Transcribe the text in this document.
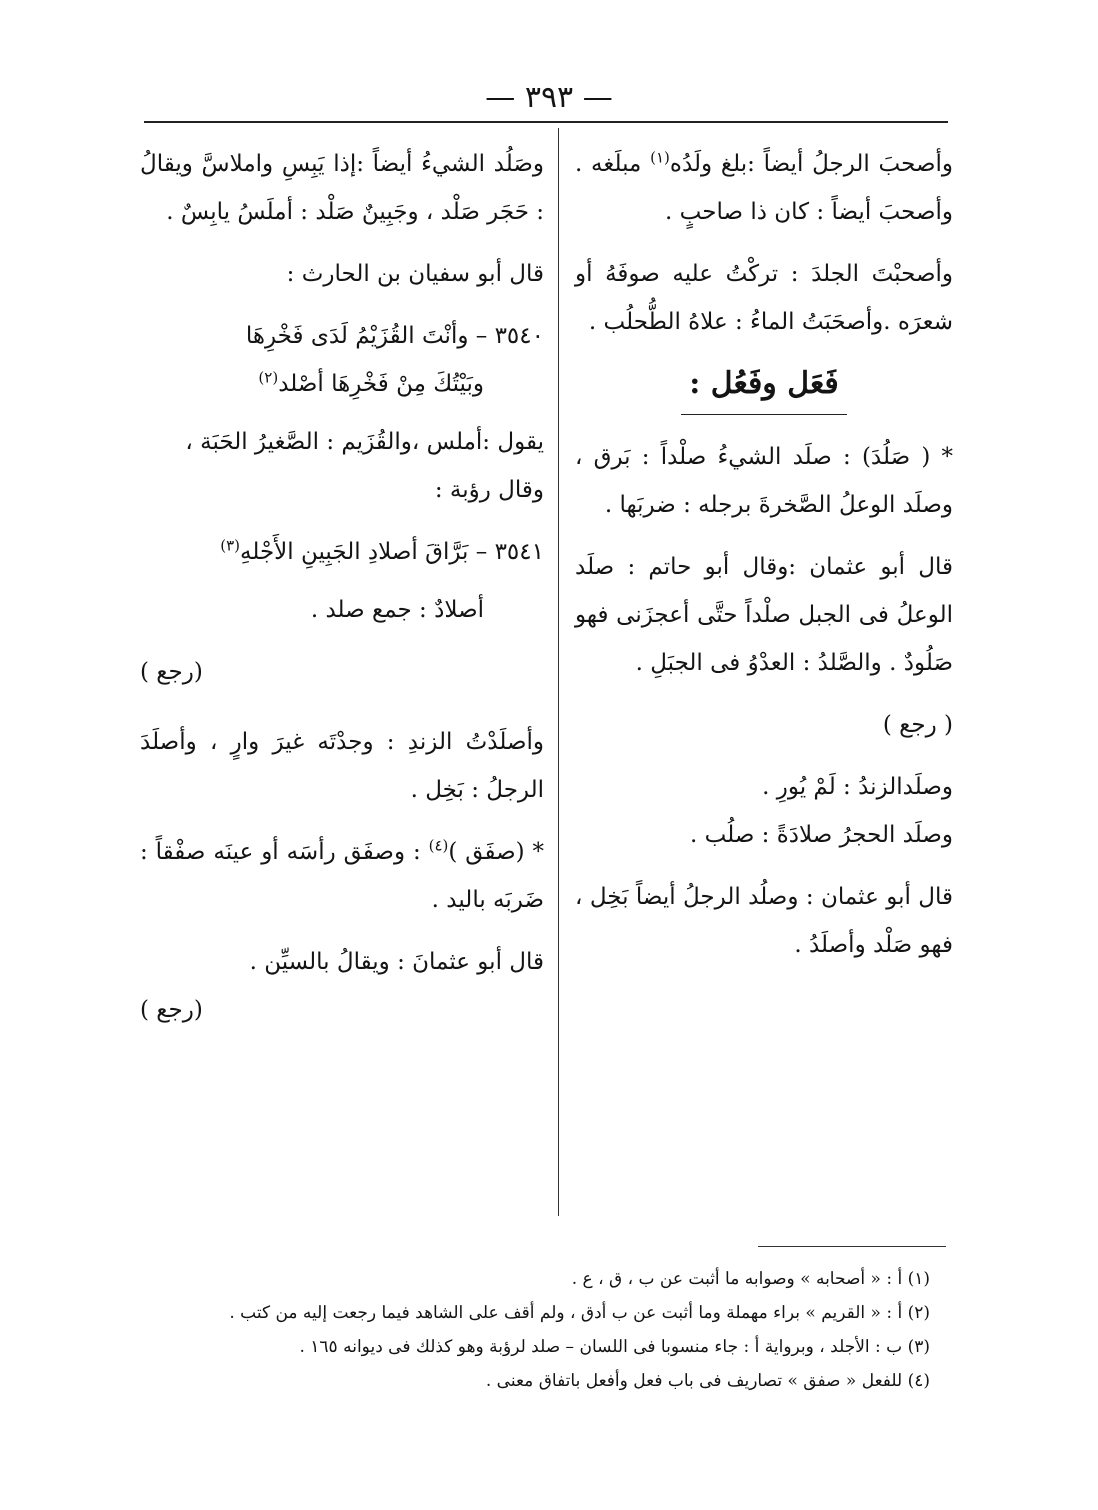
— ٣٩٣ —

وأصحبَ الرجلُ أيضاً :بلغ ولَدُه$^{(١)}$ مبلَغه . وأصحبَ أيضاً : كان ذا صاحبٍ .

وأصحبْتَ الجلدَ : تركْتُ عليه صوفَهُ أو شعرَه .وأصحَبَتُ الماءُ : علاهُ الطُّحلُب .

فَعَل وفَعُل :

* ( صَلُدَ) : صلَد الشيءُ صلْداً : بَرق ، وصلَد الوعلُ الصَّخرةَ برجله : ضربَها .

قال أبو عثمان :وقال أبو حاتم : صلَد الوعلُ فى الجبل صلْداً حتَّى أعجزَنى فهو صَلُودٌ . والصَّلدُ : العدْوُ فى الجبَلِ .

( رجع )

وصلَدالزندُ : لَمْ يُورِ .

وصلَد الحجرُ صلادَةً : صلُب .

قال أبو عثمان : وصلُد الرجلُ أيضاً بَخِل ، فهو صَلْد وأصلَدُ .

وصَلُد الشيءُ أيضاً :إذا يَبِسِ واملاسَّ ويقالُ : حَجَر صَلْد ، وجَبِينٌ صَلْد : أملَسُ يابِسٌ .

قال أبو سفيان بن الحارث :

٣٥٤٠ – وأنْتَ القُزَيْمُ لَدَى فَخْرِهَا
وبَيْتُكَ مِنْ فَخْرِهَا أصْلد$^{(٢)}$

يقول :أملس ،والقُزَيم : الصَّغيرُ الحَبَة ،

وقال رؤبة :

٣٥٤١ – بَرَّاقَ أصلادِ الجَبِينِ الأَجْلهِ$^{(٣)}$

أصلادٌ : جمع صلد .

(رجع )

وأصلَدْتُ الزندِ : وجدْتَه غيرَ وارٍ ، وأصلَدَ الرجلُ : بَخِل .

* (صفَق )$^{(٤)}$ : وصفَق رأسَه أو عينَه صفْقاً : ضَربَه باليد .

قال أبو عثمانَ : ويقالُ بالسيِّن .

(رجع )

(١) أ : « أصحابه » وصوابه ما أثبت عن ب ، ق ، ع .

(٢) أ : « القريم » براء مهملة وما أثبت عن ب أدق ، ولم أقف على الشاهد فيما رجعت إليه من كتب .

(٣) ب : الأجلد ، وبرواية أ : جاء منسوبا فى اللسان – صلد لرؤبة وهو كذلك فى ديوانه ١٦٥ .

(٤) للفعل « صفق » تصاريف فى باب فعل وأفعل باتفاق معنى .
